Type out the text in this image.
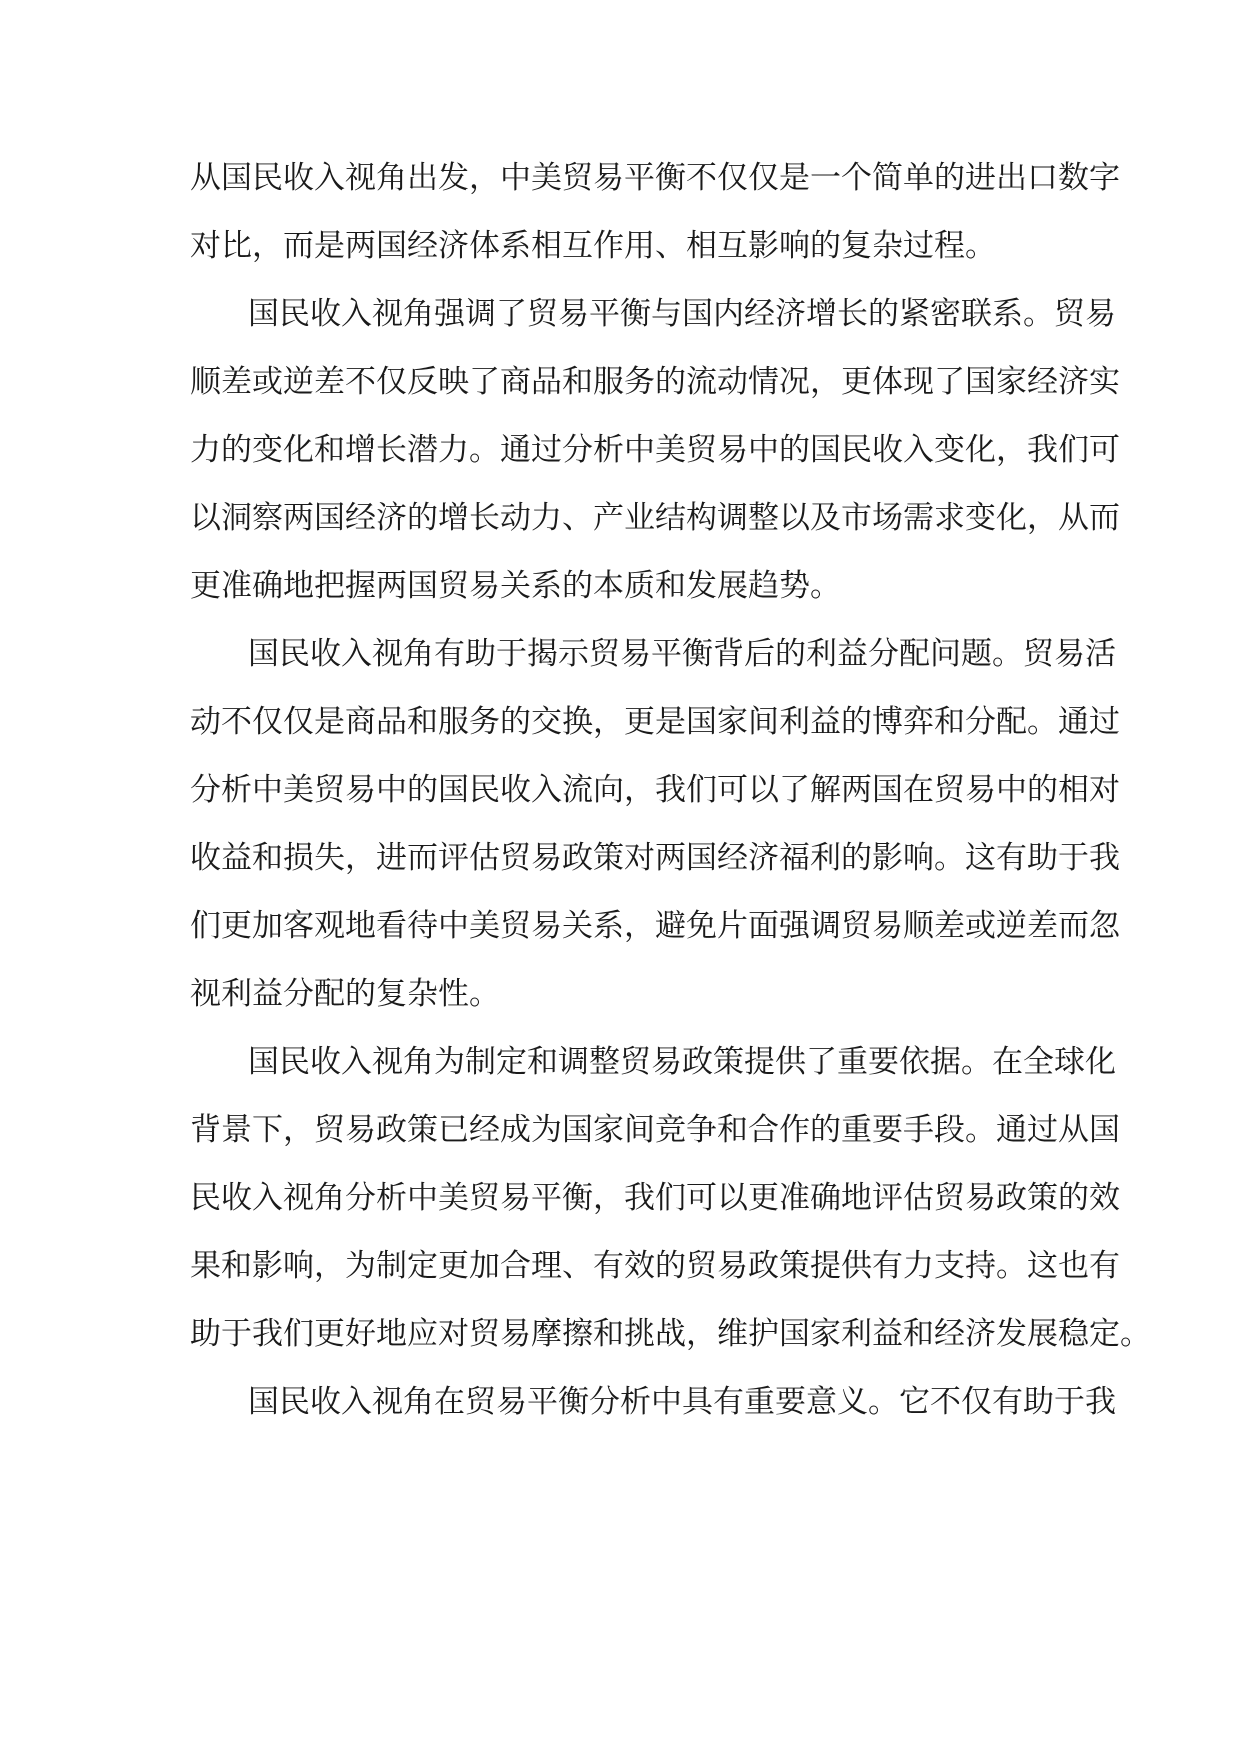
从国民收入视角出发，中美贸易平衡不仅仅是一个简单的进出口数字
对比，而是两国经济体系相互作用、相互影响的复杂过程。
国民收入视角强调了贸易平衡与国内经济增长的紧密联系。贸易
顺差或逆差不仅反映了商品和服务的流动情况，更体现了国家经济实
力的变化和增长潜力。通过分析中美贸易中的国民收入变化，我们可
以洞察两国经济的增长动力、产业结构调整以及市场需求变化，从而
更准确地把握两国贸易关系的本质和发展趋势。
国民收入视角有助于揭示贸易平衡背后的利益分配问题。贸易活
动不仅仅是商品和服务的交换，更是国家间利益的博弈和分配。通过
分析中美贸易中的国民收入流向，我们可以了解两国在贸易中的相对
收益和损失，进而评估贸易政策对两国经济福利的影响。这有助于我
们更加客观地看待中美贸易关系，避免片面强调贸易顺差或逆差而忽
视利益分配的复杂性。
国民收入视角为制定和调整贸易政策提供了重要依据。在全球化
背景下，贸易政策已经成为国家间竞争和合作的重要手段。通过从国
民收入视角分析中美贸易平衡，我们可以更准确地评估贸易政策的效
果和影响，为制定更加合理、有效的贸易政策提供有力支持。这也有
助于我们更好地应对贸易摩擦和挑战，维护国家利益和经济发展稳定。
国民收入视角在贸易平衡分析中具有重要意义。它不仅有助于我
